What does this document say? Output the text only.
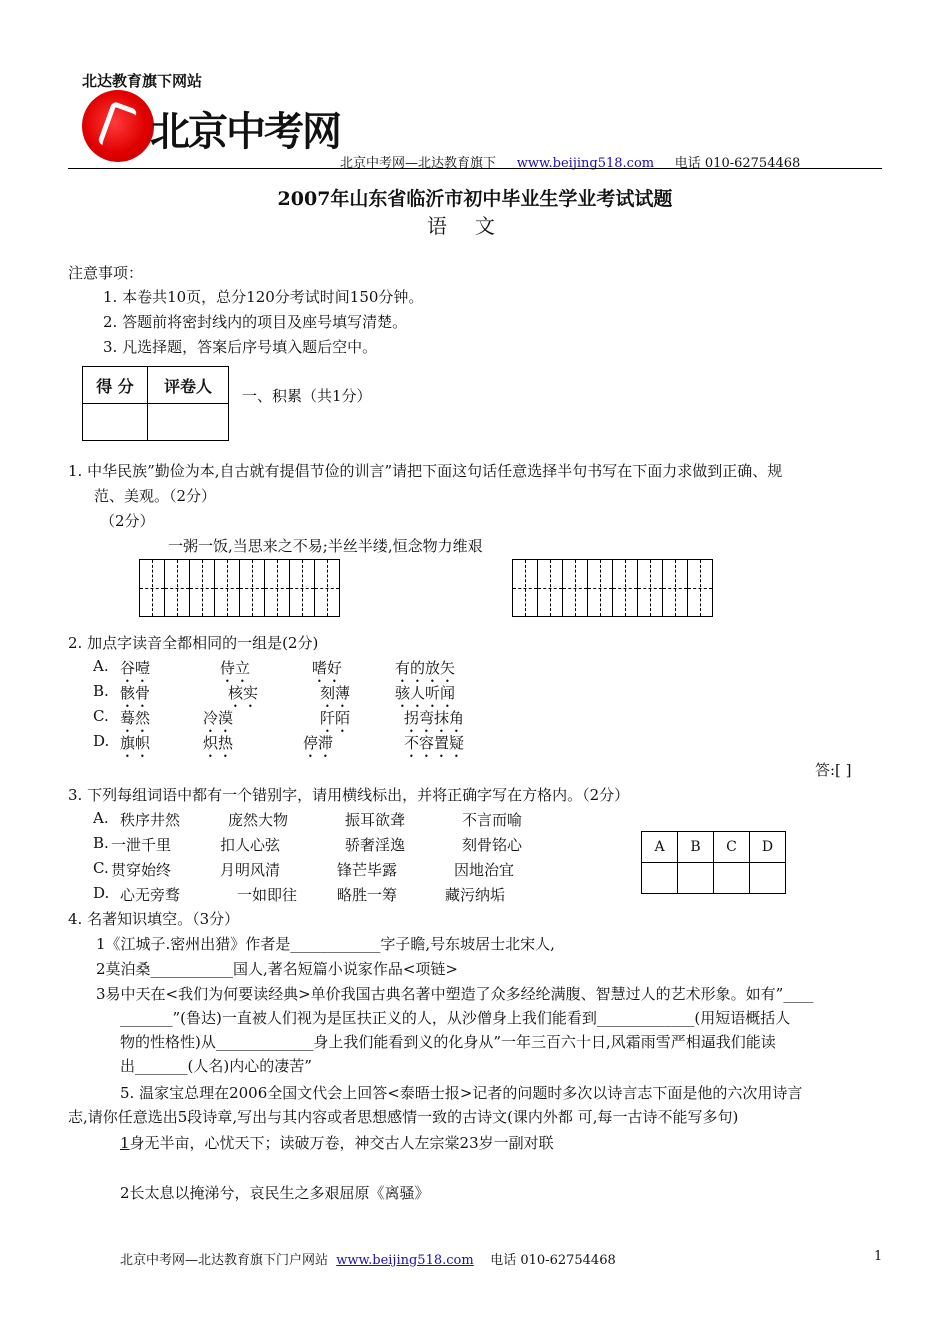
北达教育旗下网站
北京中考网
北京中考网—北达教育旗下 www.beijing518.com 电话 010-62754468
2007年山东省临沂市初中毕业生学业考试试题
语文
注意事项：
1. 本卷共10页，总分120分考试时间150分钟。
2. 答题前将密封线内的项目及座号填写清楚。
3. 凡选择题，答案后序号填入题后空中。
得 分	评卷人

一、积累（共1分）
1. 中华民族”勤俭为本,自古就有提倡节俭的训言”请把下面这句话任意选择半句书写在下面力求做到正确、规
范、美观。（2分）
（2分）
一粥一饭,当思来之不易;半丝半缕,恒念物力维艰
2. 加点字读音全都相同的一组是(2分)
A. 谷噎	侍立	嗜好	有的放矢
B. 骸骨	核实	刻薄	骇人听闻
C. 蓦然	冷漠	阡陌	拐弯抹角
D. 旗帜	炽热	停滞	不容置疑
答:[ ]
3. 下列每组词语中都有一个错别字，请用横线标出，并将正确字写在方格内。（2分）
A. 秩序井然	庞然大物	振耳欲聋	不言而喻
B. 一泄千里	扣人心弦	骄奢淫逸	刻骨铭心
C. 贯穿始终	月明风清	锋芒毕露	因地治宜
D. 心无旁骛	一如即往	略胜一筹	藏污纳垢
A	B	C	D

4. 名著知识填空。（3分）
1《江城子.密州出猎》作者是____________字子瞻,号东坡居士北宋人,
2莫泊桑___________国人,著名短篇小说家作品<项链>
3易中天在<我们为何要读经典>单价我国古典名著中塑造了众多经纶满腹、智慧过人的艺术形象。如有”____
_______”(鲁达)一直被人们视为是匡扶正义的人，从沙僧身上我们能看到_____________(用短语概括人
物的性格性)从_____________身上我们能看到义的化身从”一年三百六十日,风霜雨雪严相逼我们能读
出_______(人名)内心的凄苦”
5. 温家宝总理在2006全国文代会上回答<泰晤士报>记者的问题时多次以诗言志下面是他的六次用诗言
志,请你任意选出5段诗章,写出与其内容或者思想感情一致的古诗文(课内外都 可,每一古诗不能写多句)
1身无半亩，心忧天下；读破万卷，神交古人左宗棠23岁一副对联
2长太息以掩涕兮，哀民生之多艰屈原《离骚》
北京中考网—北达教育旗下门户网站 www.beijing518.com 电话 010-62754468	1
